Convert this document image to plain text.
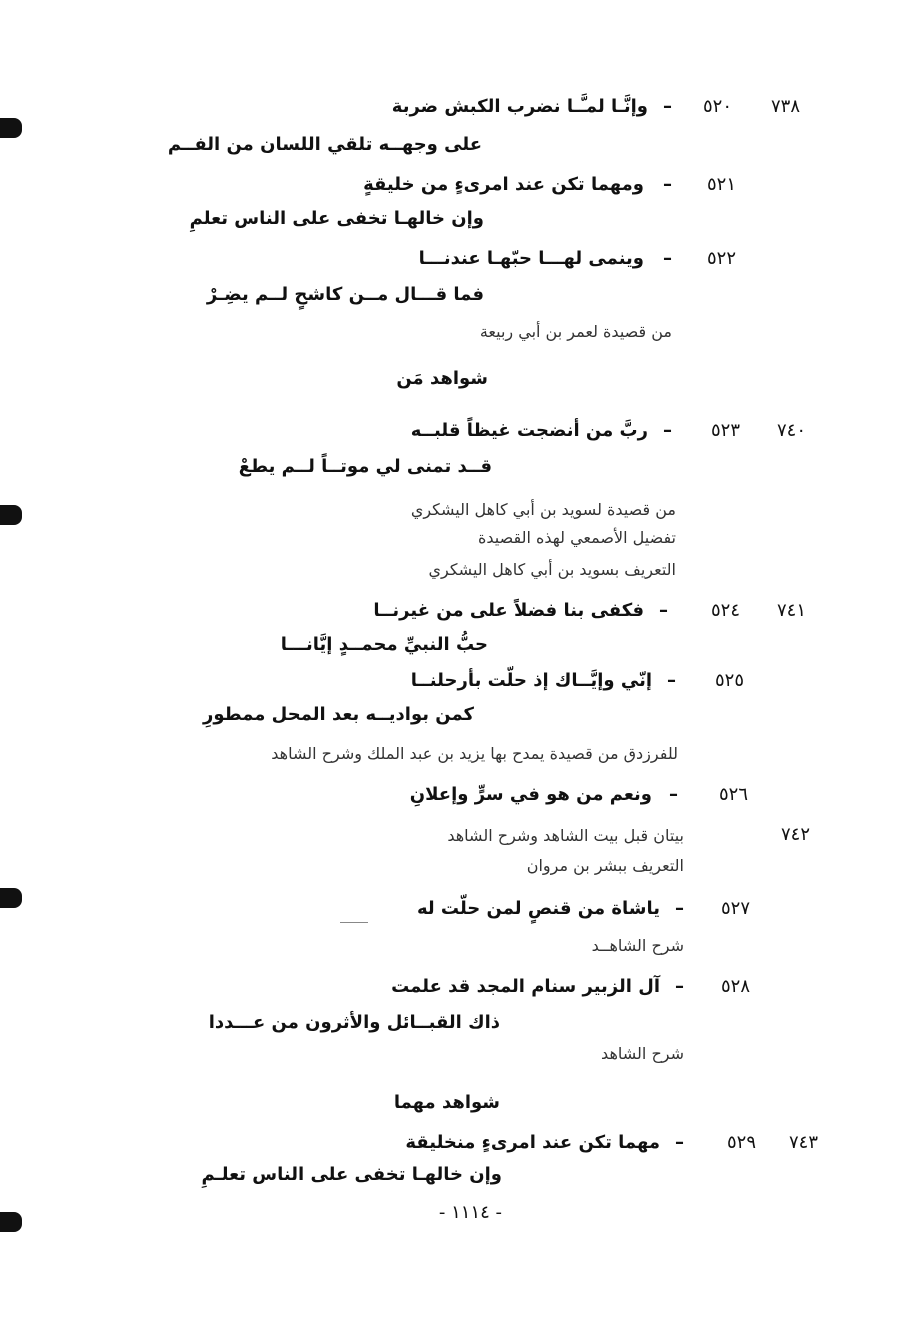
٧٣٨
٥٢٠
–
وإنَّـا لمـَّـا نضرب الكبش ضربة
على وجهــه تلقي اللسان من الفــم
٥٢١
–
ومهما تكن عند امرىءٍ من خليقةٍ
وإن خالهـا تخفى على الناس تعلمِ
٥٢٢
–
وينمى لهـــا حبّهـا عندنـــا
فما قـــال مــن كاشحٍ لــم يضِـرْ
من قصيدة لعمر بن أبي ربيعة
شواهد مَن
٧٤٠
٥٢٣
–
ربَّ من أنضجت غيظاً قلبــه
قــد تمنى لي موتــاً لــم يطعْ
من قصيدة لسويد بن أبي كاهل اليشكري
تفضيل الأصمعي لهذه القصيدة
التعريف بسويد بن أبي كاهل اليشكري
٧٤١
٥٢٤
–
فكفى بنا فضلاً على من غيرنــا
حبُّ النبيِّ محمــدٍ إيَّانـــا
٥٢٥
–
إنّي وإيَّــاك إذ حلّت بأرحلنــا
كمن بواديــه بعد المحل ممطورِ
للفرزدق من قصيدة يمدح بها يزيد بن عبد الملك وشرح الشاهد
٥٢٦
–
ونعم من هو في سرٍّ وإعلانِ
٧٤٢
بيتان قبل بيت الشاهد وشرح الشاهد
التعريف ببشر بن مروان
٥٢٧
–
ياشاة من قنصٍ لمن حلّت له
شرح الشاهــد
٥٢٨
–
آل الزبير سنام المجد قد علمت
ذاك القبــائل والأثرون من عـــددا
شرح الشاهد
شواهد مهما
٧٤٣
٥٢٩
–
مهما تكن عند امرىءٍ منخليقة
وإن خالهـا تخفى على الناس تعلـمِ
- ١١١٤ -
